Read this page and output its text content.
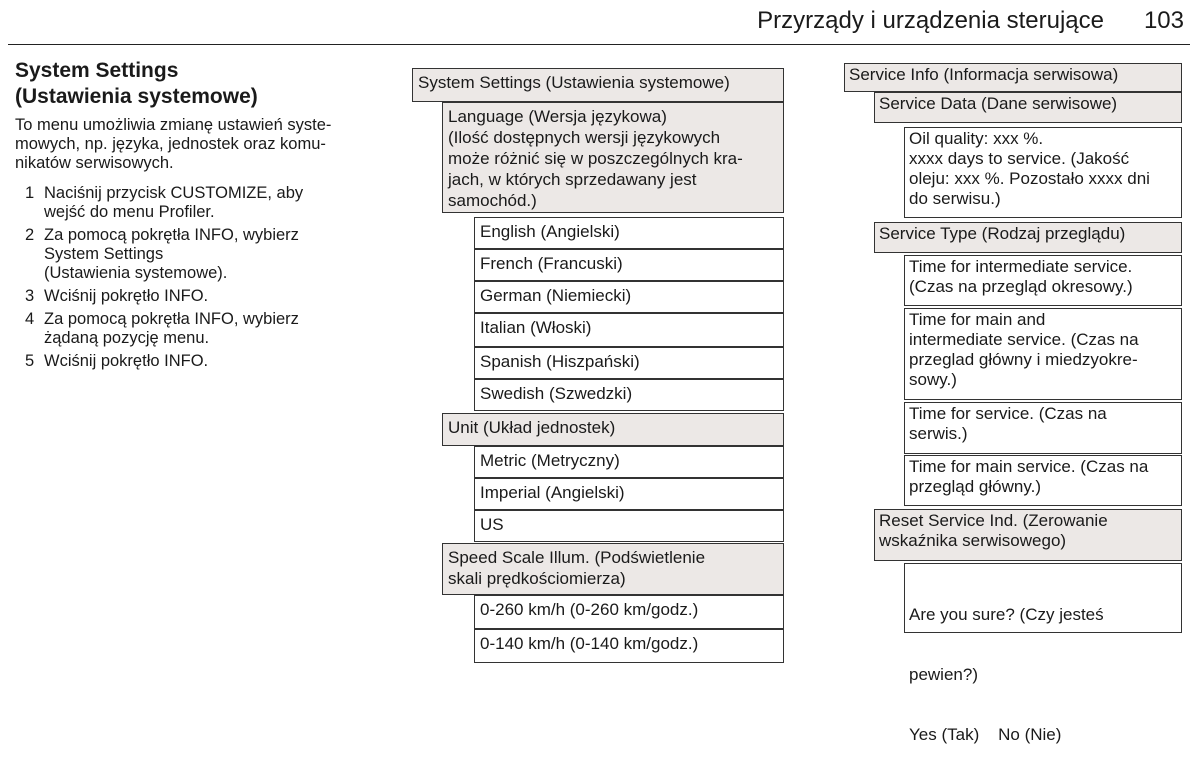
Przyrządy i urządzenia sterujące 103
System Settings
(Ustawienia systemowe)

To menu umożliwia zmianę ustawień syste-
mowych, np. języka, jednostek oraz komu-
nikatów serwisowych.

1 Naciśnij przycisk CUSTOMIZE, aby
wejść do menu Profiler.
2 Za pomocą pokrętła INFO, wybierz
System Settings
(Ustawienia systemowe).
3 Wciśnij pokrętło INFO.
4 Za pomocą pokrętła INFO, wybierz
żądaną pozycję menu.
5 Wciśnij pokrętło INFO.
System Settings (Ustawienia systemowe)
Language (Wersja językowa)
(Ilość dostępnych wersji językowych
może różnić się w poszczególnych kra-
jach, w których sprzedawany jest
samochód.)
English (Angielski)
French (Francuski)
German (Niemiecki)
Italian (Włoski)
Spanish (Hiszpański)
Swedish (Szwedzki)
Unit (Układ jednostek)
Metric (Metryczny)
Imperial (Angielski)
US
Speed Scale Illum. (Podświetlenie
skali prędkościomierza)
0-260 km/h (0-260 km/godz.)
0-140 km/h (0-140 km/godz.)
Service Info (Informacja serwisowa)
Service Data (Dane serwisowe)
Oil quality: xxx %.
xxxx days to service. (Jakość
oleju: xxx %. Pozostało xxxx dni
do serwisu.)
Service Type (Rodzaj przeglądu)
Time for intermediate service.
(Czas na przegląd okresowy.)
Time for main and
intermediate service. (Czas na
przeglad główny i miedzyokre-
sowy.)
Time for service. (Czas na
serwis.)
Time for main service. (Czas na
przegląd główny.)
Reset Service Ind. (Zerowanie
wskaźnika serwisowego)

Are you sure? (Czy jesteś

pewien?)

Yes (Tak)    No (Nie)
